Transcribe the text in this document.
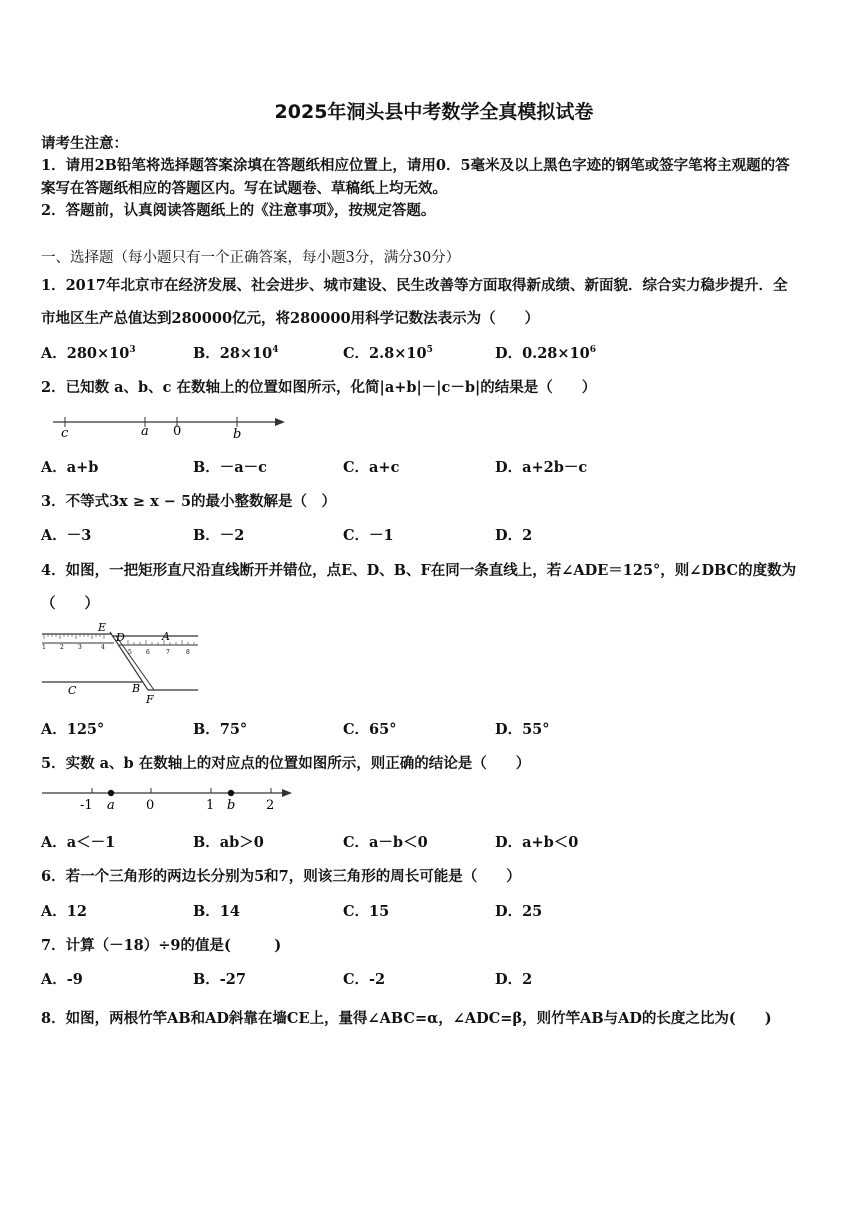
2025年洞头县中考数学全真模拟试卷
请考生注意：
1．请用2B铅笔将选择题答案涂填在答题纸相应位置上，请用0．5毫米及以上黑色字迹的钢笔或签字笔将主观题的答
案写在答题纸相应的答题区内。写在试题卷、草稿纸上均无效。
2．答题前，认真阅读答题纸上的《注意事项》，按规定答题。
一、选择题（每小题只有一个正确答案，每小题3分，满分30分）
1．2017年北京市在经济发展、社会进步、城市建设、民生改善等方面取得新成绩、新面貌．综合实力稳步提升．全
市地区生产总值达到280000亿元，将280000用科学记数法表示为（　　）
A．$280\times 10^3$	B．$28\times 10^4$	C．$2.8\times 10^5$	D．$0.28\times 10^6$
2．已知数 a、b、c 在数轴上的位置如图所示，化简|a+b|－|c－b|的结果是（　　）
c	a 0	b
A．a+b	B．－a－c	C．a+c	D．a+2b－c
3．不等式3x ≥ x − 5的最小整数解是（　）
A．－3	B．－2	C．－1	D．2
4．如图，一把矩形直尺沿直线断开并错位，点E、D、B、F在同一条直线上，若∠ADE＝125°，则∠DBC的度数为
（　　）
1 2 3	4
5 6	7	8
E
D	A
C	B
F
A．125°	B．75°	C．65°	D．55°
5．实数 a、b 在数轴上的对应点的位置如图所示，则正确的结论是（　　）
-1	0	1	2
a	b
A．a＜－1	B．ab＞0	C．a－b＜0	D．a+b＜0
6．若一个三角形的两边长分别为5和7，则该三角形的周长可能是（　　）
A．12	B．14	C．15	D．25
7．计算（－18）÷9的值是(　　　)
A．-9	B．-27	C．-2	D．2
8．如图，两根竹竿AB和AD斜靠在墙CE上，量得∠ABC=α，∠ADC=β，则竹竿AB与AD的长度之比为(　　)
